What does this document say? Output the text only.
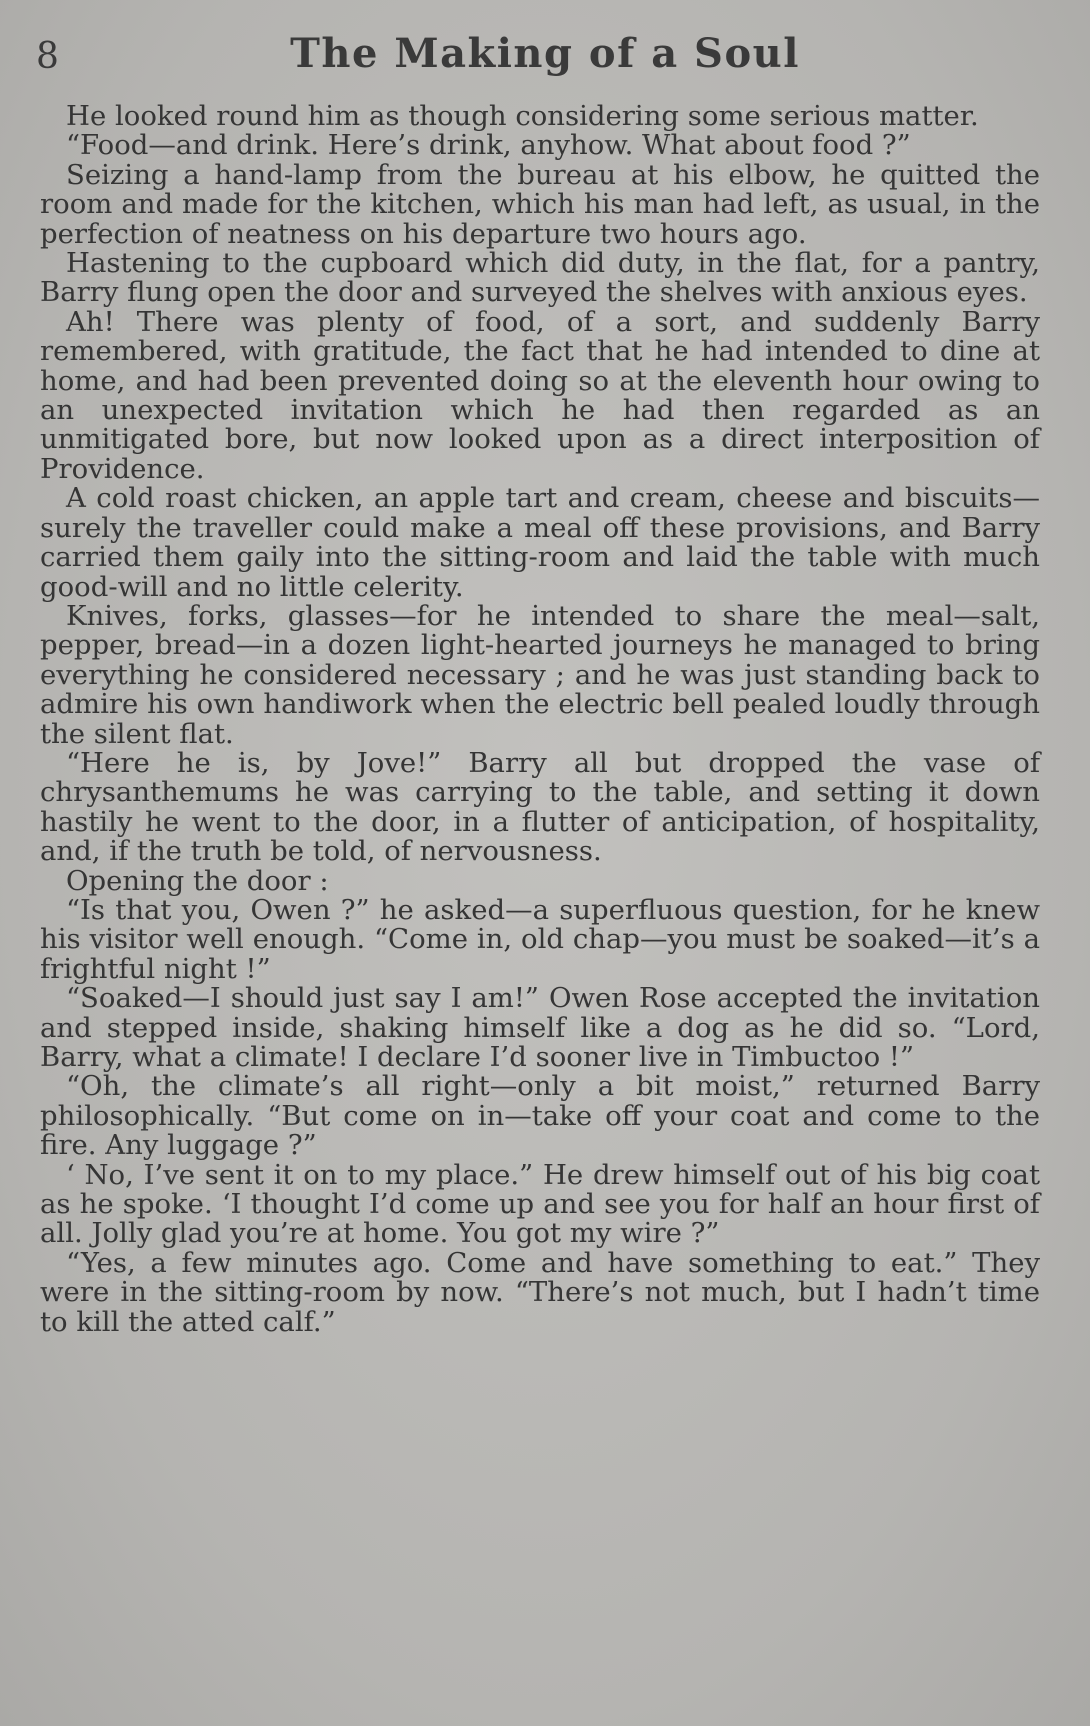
8	The Making of a Soul

He looked round him as though considering some serious matter.

“Food—and drink. Here’s drink, anyhow. What about food ?”

Seizing a hand-lamp from the bureau at his elbow, he quitted the room and made for the kitchen, which his man had left, as usual, in the perfection of neatness on his departure two hours ago.

Hastening to the cupboard which did duty, in the flat, for a pantry, Barry flung open the door and surveyed the shelves with anxious eyes.

Ah! There was plenty of food, of a sort, and suddenly Barry remembered, with gratitude, the fact that he had intended to dine at home, and had been prevented doing so at the eleventh hour owing to an unexpected invitation which he had then regarded as an unmitigated bore, but now looked upon as a direct interposition of Providence.

A cold roast chicken, an apple tart and cream, cheese and biscuits—surely the traveller could make a meal off these provisions, and Barry carried them gaily into the sitting-room and laid the table with much good-will and no little celerity.

Knives, forks, glasses—for he intended to share the meal—salt, pepper, bread—in a dozen light-hearted journeys he managed to bring everything he considered necessary ; and he was just standing back to admire his own handiwork when the electric bell pealed loudly through the silent flat.

“Here he is, by Jove!” Barry all but dropped the vase of chrysanthemums he was carrying to the table, and setting it down hastily he went to the door, in a flutter of anticipation, of hospitality, and, if the truth be told, of nervousness.

Opening the door :

“Is that you, Owen ?” he asked—a superfluous question, for he knew his visitor well enough. “Come in, old chap—you must be soaked—it’s a frightful night !”

“Soaked—I should just say I am!” Owen Rose accepted the invitation and stepped inside, shaking himself like a dog as he did so. “Lord, Barry, what a climate! I declare I’d sooner live in Timbuctoo !”

“Oh, the climate’s all right—only a bit moist,” returned Barry philosophically. “But come on in—take off your coat and come to the fire. Any luggage ?”

‘ No, I’ve sent it on to my place.” He drew himself out of his big coat as he spoke. ‘I thought I’d come up and see you for half an hour first of all. Jolly glad you’re at home. You got my wire ?”

“Yes, a few minutes ago. Come and have something to eat.” They were in the sitting-room by now. “There’s not much, but I hadn’t time to kill the atted calf.”
